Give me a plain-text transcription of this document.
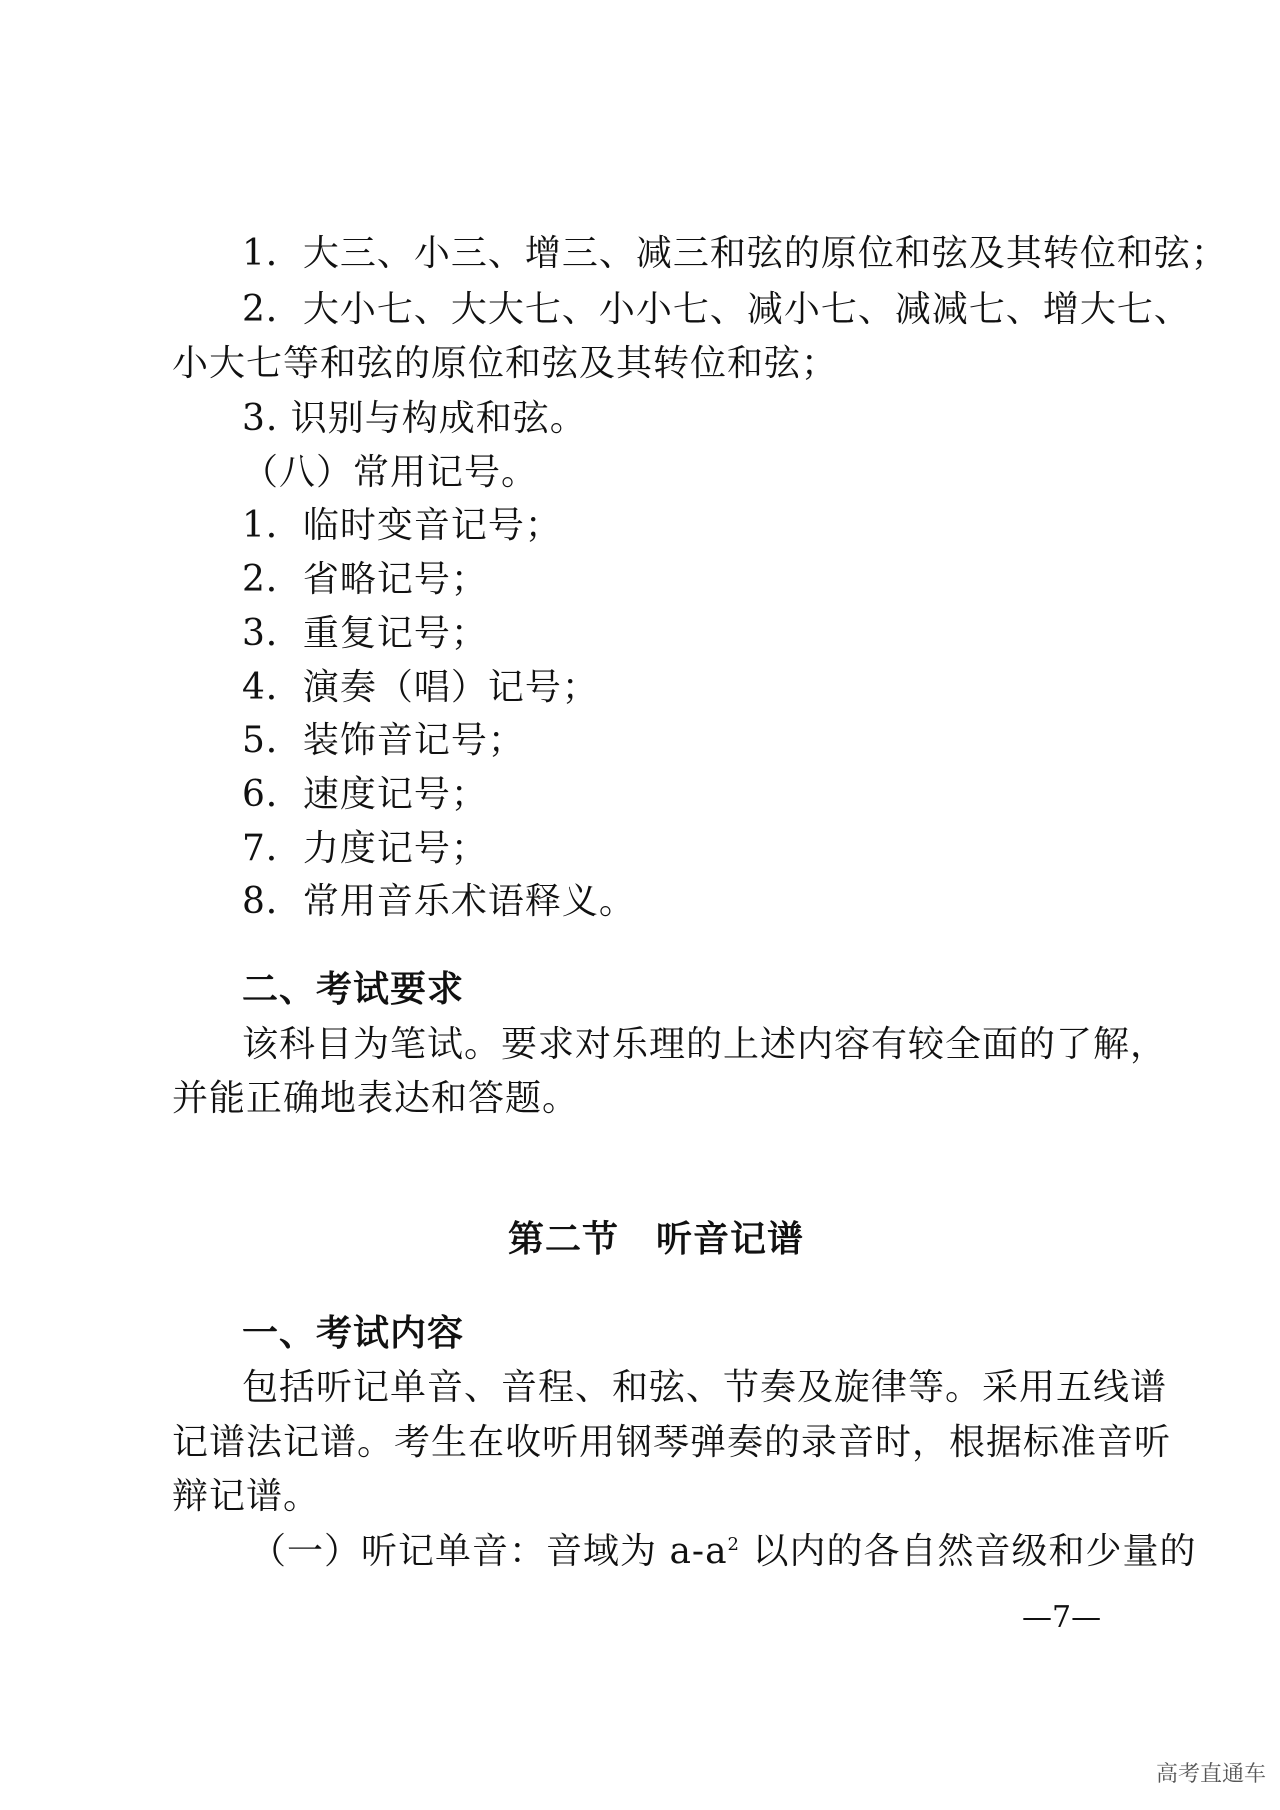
1．大三、小三、增三、减三和弦的原位和弦及其转位和弦；
2．大小七、大大七、小小七、减小七、减减七、增大七、
小大七等和弦的原位和弦及其转位和弦；
3. 识别与构成和弦。
（八）常用记号。
1．临时变音记号；
2．省略记号；
3．重复记号；
4．演奏（唱）记号；
5．装饰音记号；
6．速度记号；
7．力度记号；
8．常用音乐术语释义。
二、考试要求
该科目为笔试。要求对乐理的上述内容有较全面的了解，
并能正确地表达和答题。
第二节　听音记谱
一、考试内容
包括听记单音、音程、和弦、节奏及旋律等。采用五线谱
记谱法记谱。考生在收听用钢琴弹奏的录音时，根据标准音听
辩记谱。
（一）听记单音：音域为 $a-a^2$ 以内的各自然音级和少量的
—7—
高考直通车
